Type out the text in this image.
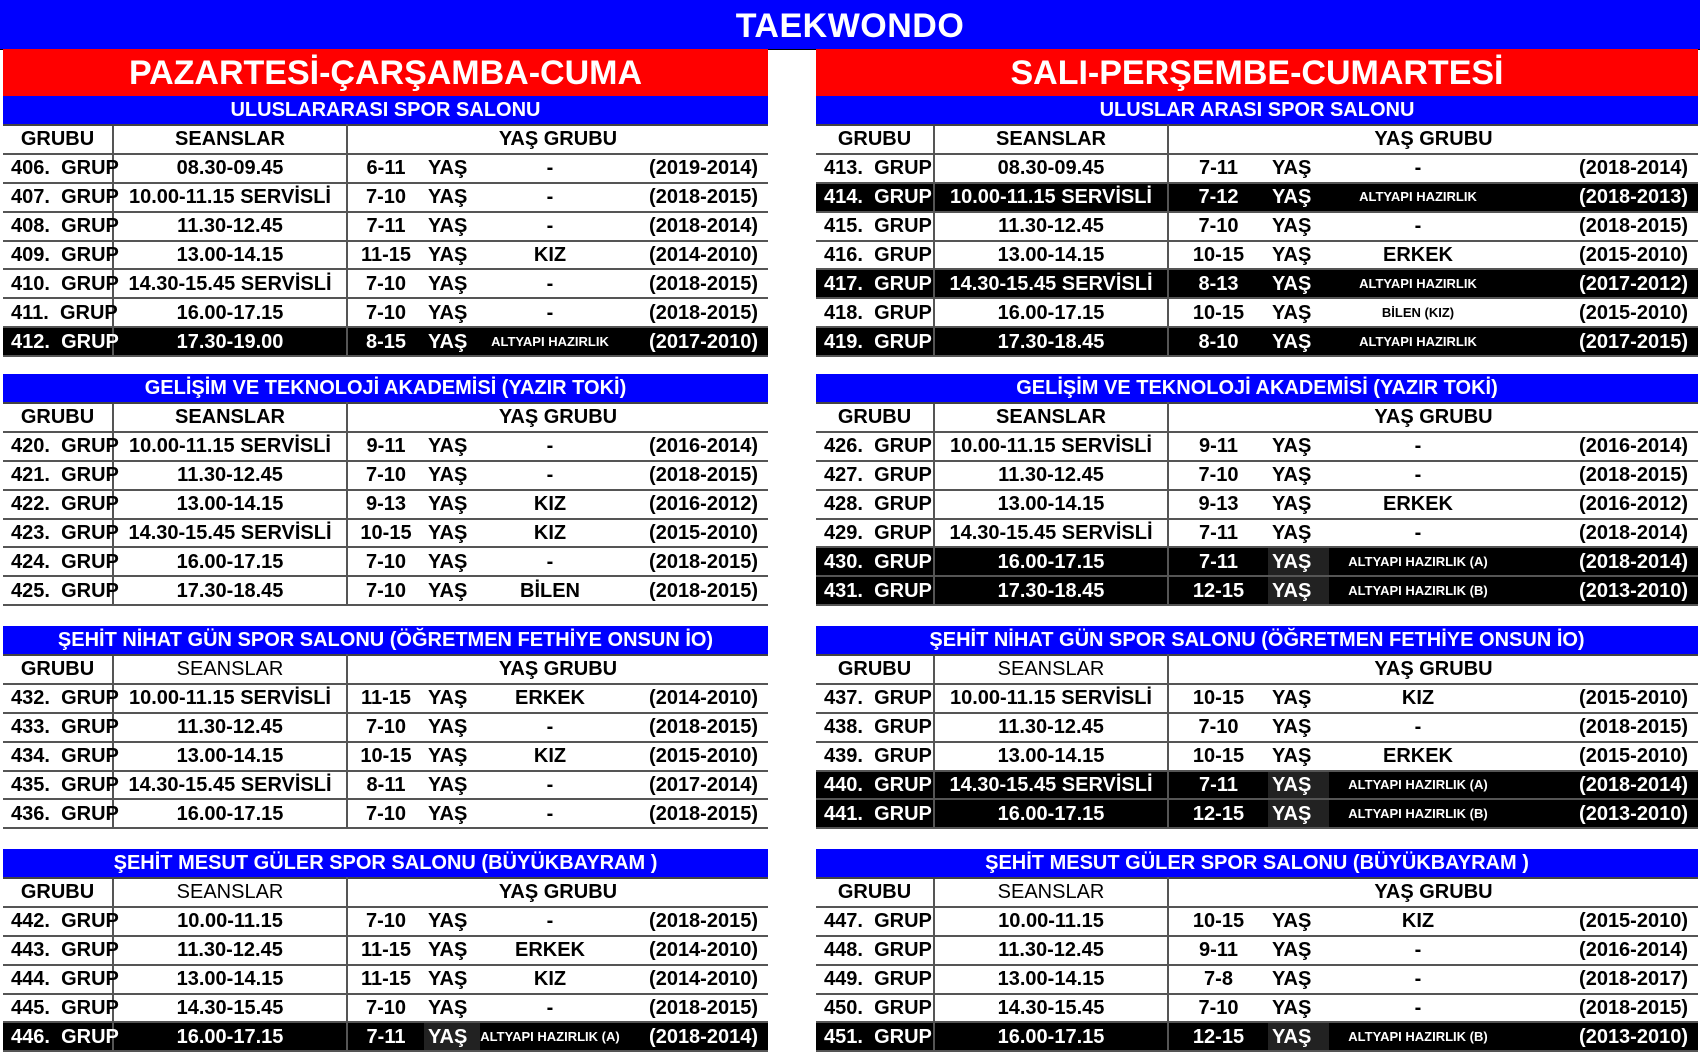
TAEKWONDO
PAZARTESİ-ÇARŞAMBA-CUMA
ULUSLARARASI SPOR SALONU
GRUBU	SEANSLAR	YAŞ GRUBU			
406. GRUP	08.30-09.45	6-11	YAŞ	-	(2019-2014)
407. GRUP	10.00-11.15 SERVİSLİ	7-10	YAŞ	-	(2018-2015)
408. GRUP	11.30-12.45	7-11	YAŞ	-	(2018-2014)
409. GRUP	13.00-14.15	11-15	YAŞ	KIZ	(2014-2010)
410. GRUP	14.30-15.45 SERVİSLİ	7-10	YAŞ	-	(2018-2015)
411. GRUP	16.00-17.15	7-10	YAŞ	-	(2018-2015)
412. GRUP	17.30-19.00	8-15	YAŞ	ALTYAPI HAZIRLIK	(2017-2010)
GELİŞİM VE TEKNOLOJİ AKADEMİSİ (YAZIR TOKİ)
GRUBU	SEANSLAR	YAŞ GRUBU			
420. GRUP	10.00-11.15 SERVİSLİ	9-11	YAŞ	-	(2016-2014)
421. GRUP	11.30-12.45	7-10	YAŞ	-	(2018-2015)
422. GRUP	13.00-14.15	9-13	YAŞ	KIZ	(2016-2012)
423. GRUP	14.30-15.45 SERVİSLİ	10-15	YAŞ	KIZ	(2015-2010)
424. GRUP	16.00-17.15	7-10	YAŞ	-	(2018-2015)
425. GRUP	17.30-18.45	7-10	YAŞ	BİLEN	(2018-2015)
ŞEHİT NİHAT GÜN SPOR SALONU (ÖĞRETMEN FETHİYE ONSUN İO)
GRUBU	SEANSLAR	YAŞ GRUBU			
432. GRUP	10.00-11.15 SERVİSLİ	11-15	YAŞ	ERKEK	(2014-2010)
433. GRUP	11.30-12.45	7-10	YAŞ	-	(2018-2015)
434. GRUP	13.00-14.15	10-15	YAŞ	KIZ	(2015-2010)
435. GRUP	14.30-15.45 SERVİSLİ	8-11	YAŞ	-	(2017-2014)
436. GRUP	16.00-17.15	7-10	YAŞ	-	(2018-2015)
ŞEHİT MESUT GÜLER SPOR SALONU (BÜYÜKBAYRAM )
GRUBU	SEANSLAR	YAŞ GRUBU			
442. GRUP	10.00-11.15	7-10	YAŞ	-	(2018-2015)
443. GRUP	11.30-12.45	11-15	YAŞ	ERKEK	(2014-2010)
444. GRUP	13.00-14.15	11-15	YAŞ	KIZ	(2014-2010)
445. GRUP	14.30-15.45	7-10	YAŞ	-	(2018-2015)
446. GRUP	16.00-17.15	7-11	YAŞ	ALTYAPI HAZIRLIK (A)	(2018-2014)
SALI-PERŞEMBE-CUMARTESİ
ULUSLAR ARASI SPOR SALONU
GRUBU	SEANSLAR	YAŞ GRUBU			
413. GRUP	08.30-09.45	7-11	YAŞ	-	(2018-2014)
414. GRUP	10.00-11.15 SERVİSLİ	7-12	YAŞ	ALTYAPI HAZIRLIK	(2018-2013)
415. GRUP	11.30-12.45	7-10	YAŞ	-	(2018-2015)
416. GRUP	13.00-14.15	10-15	YAŞ	ERKEK	(2015-2010)
417. GRUP	14.30-15.45 SERVİSLİ	8-13	YAŞ	ALTYAPI HAZIRLIK	(2017-2012)
418. GRUP	16.00-17.15	10-15	YAŞ	BİLEN (KIZ)	(2015-2010)
419. GRUP	17.30-18.45	8-10	YAŞ	ALTYAPI HAZIRLIK	(2017-2015)
GELİŞİM VE TEKNOLOJİ AKADEMİSİ (YAZIR TOKİ)
GRUBU	SEANSLAR	YAŞ GRUBU			
426. GRUP	10.00-11.15 SERVİSLİ	9-11	YAŞ	-	(2016-2014)
427. GRUP	11.30-12.45	7-10	YAŞ	-	(2018-2015)
428. GRUP	13.00-14.15	9-13	YAŞ	ERKEK	(2016-2012)
429. GRUP	14.30-15.45 SERVİSLİ	7-11	YAŞ	-	(2018-2014)
430. GRUP	16.00-17.15	7-11	YAŞ	ALTYAPI HAZIRLIK (A)	(2018-2014)
431. GRUP	17.30-18.45	12-15	YAŞ	ALTYAPI HAZIRLIK (B)	(2013-2010)
ŞEHİT NİHAT GÜN SPOR SALONU (ÖĞRETMEN FETHİYE ONSUN İO)
GRUBU	SEANSLAR	YAŞ GRUBU			
437. GRUP	10.00-11.15 SERVİSLİ	10-15	YAŞ	KIZ	(2015-2010)
438. GRUP	11.30-12.45	7-10	YAŞ	-	(2018-2015)
439. GRUP	13.00-14.15	10-15	YAŞ	ERKEK	(2015-2010)
440. GRUP	14.30-15.45 SERVİSLİ	7-11	YAŞ	ALTYAPI HAZIRLIK (A)	(2018-2014)
441. GRUP	16.00-17.15	12-15	YAŞ	ALTYAPI HAZIRLIK (B)	(2013-2010)
ŞEHİT MESUT GÜLER SPOR SALONU (BÜYÜKBAYRAM )
GRUBU	SEANSLAR	YAŞ GRUBU			
447. GRUP	10.00-11.15	10-15	YAŞ	KIZ	(2015-2010)
448. GRUP	11.30-12.45	9-11	YAŞ	-	(2016-2014)
449. GRUP	13.00-14.15	7-8	YAŞ	-	(2018-2017)
450. GRUP	14.30-15.45	7-10	YAŞ	-	(2018-2015)
451. GRUP	16.00-17.15	12-15	YAŞ	ALTYAPI HAZIRLIK (B)	(2013-2010)
